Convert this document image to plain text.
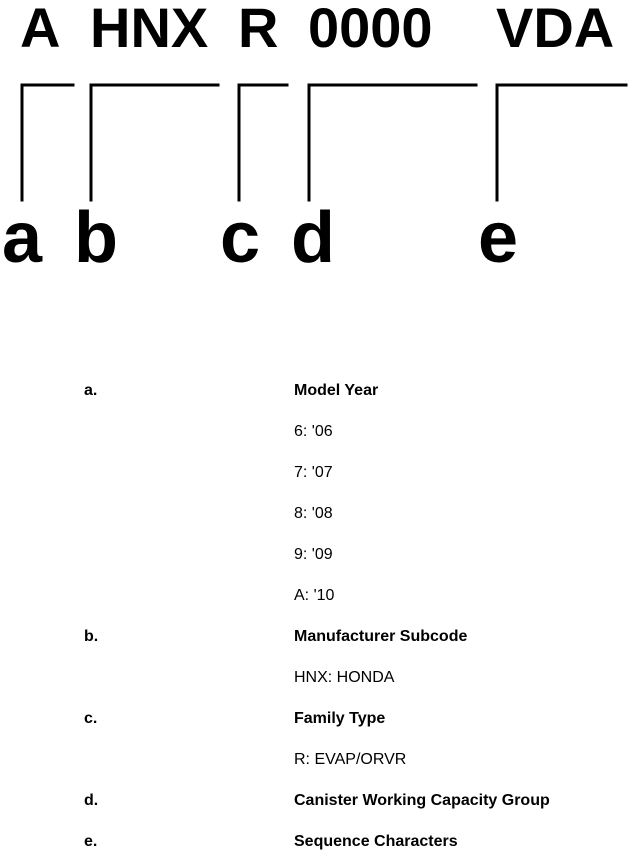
A HNX R 0000 VDA
a b c d e
a.	Model Year
6: '06
7: '07
8: '08
9: '09
A: '10
b.	Manufacturer Subcode
HNX: HONDA
c.	Family Type
R: EVAP/ORVR
d.	Canister Working Capacity Group
e.	Sequence Characters
